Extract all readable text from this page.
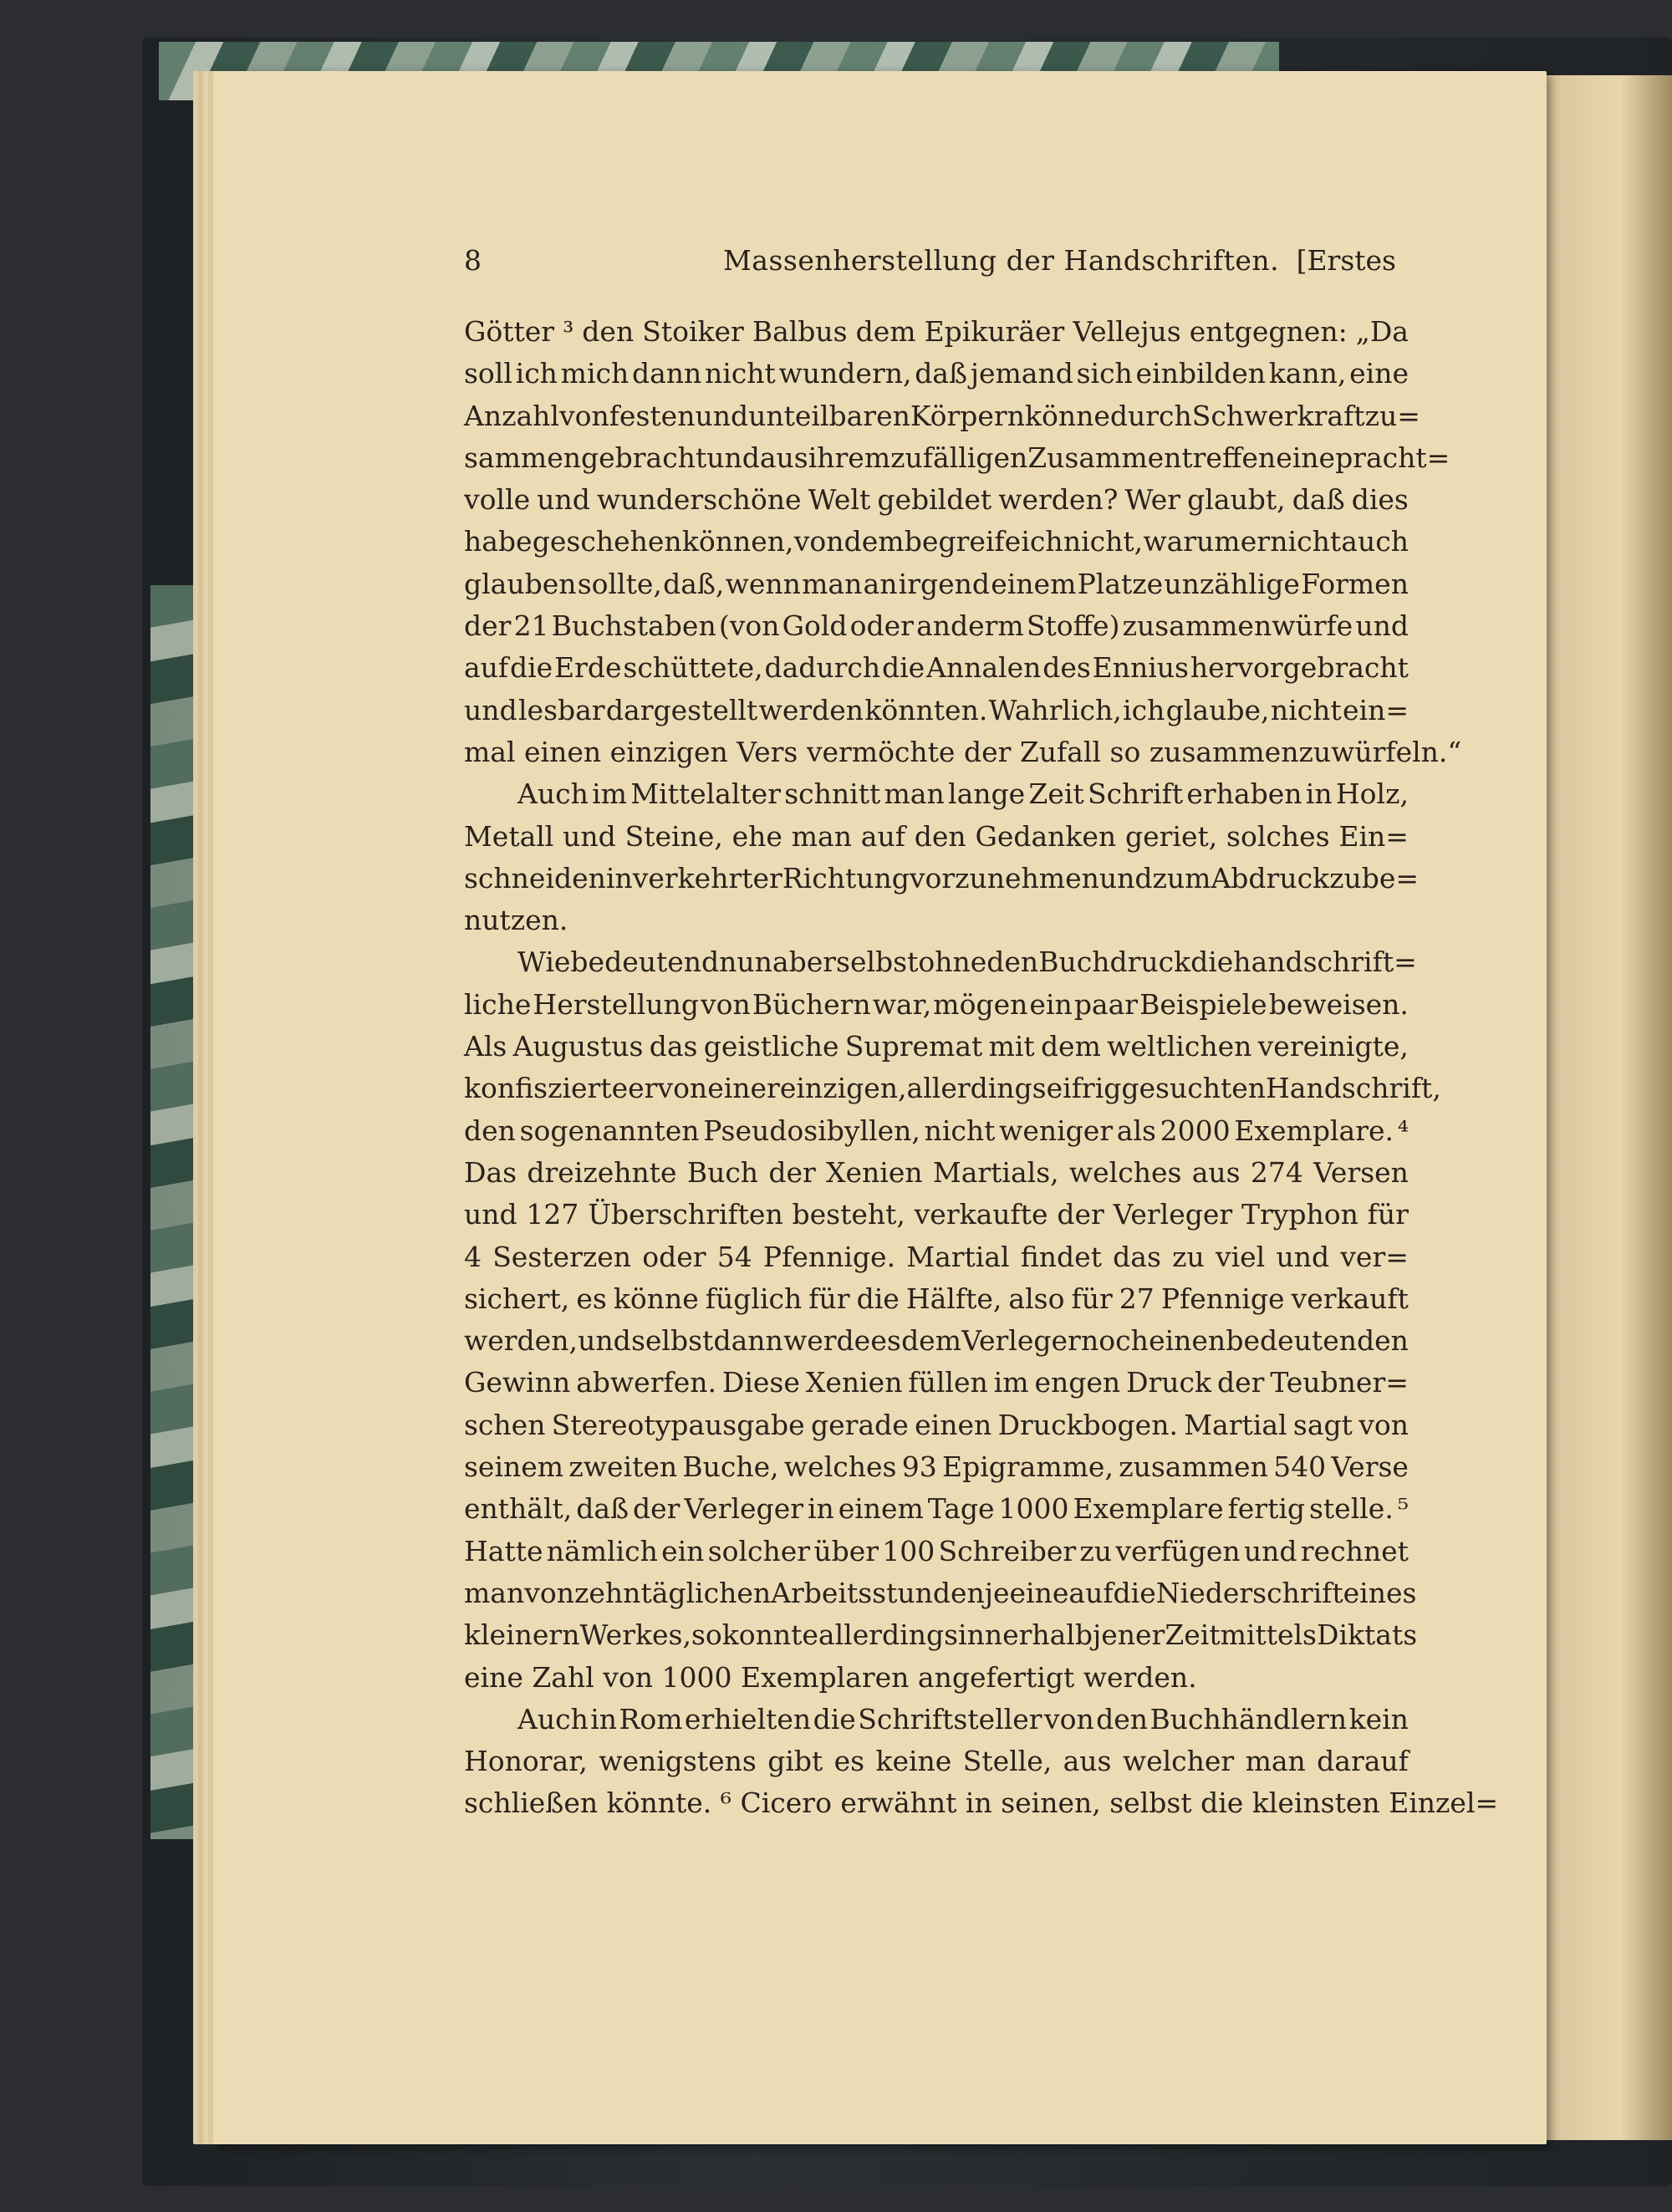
8	Massenherstellung der Handschriften. [Erstes
Götter ³ den Stoiker Balbus dem Epikuräer Vellejus entgegnen: „Da
soll ich mich dann nicht wundern, daß jemand sich einbilden kann, eine
Anzahl von festen und unteilbaren Körpern könne durch Schwerkraft zu=
sammengebracht und aus ihrem zufälligen Zusammentreffen eine pracht=
volle und wunderschöne Welt gebildet werden? Wer glaubt, daß dies
habe geschehen können, von dem begreife ich nicht, warum er nicht auch
glauben sollte, daß, wenn man an irgend einem Platze unzählige Formen
der 21 Buchstaben (von Gold oder anderm Stoffe) zusammenwürfe und
auf die Erde schüttete, dadurch die Annalen des Ennius hervorgebracht
und lesbar dargestellt werden könnten. Wahrlich, ich glaube, nicht ein=
mal einen einzigen Vers vermöchte der Zufall so zusammenzuwürfeln.“
Auch im Mittelalter schnitt man lange Zeit Schrift erhaben in Holz,
Metall und Steine, ehe man auf den Gedanken geriet, solches Ein=
schneiden in verkehrter Richtung vorzunehmen und zum Abdruck zu be=
nutzen.
Wie bedeutend nun aber selbst ohne den Buchdruck die handschrift=
liche Herstellung von Büchern war, mögen ein paar Beispiele beweisen.
Als Augustus das geistliche Supremat mit dem weltlichen vereinigte,
konfiszierte er von einer einzigen, allerdings eifrig gesuchten Handschrift,
den sogenannten Pseudosibyllen, nicht weniger als 2000 Exemplare. ⁴
Das dreizehnte Buch der Xenien Martials, welches aus 274 Versen
und 127 Überschriften besteht, verkaufte der Verleger Tryphon für
4 Sesterzen oder 54 Pfennige. Martial findet das zu viel und ver=
sichert, es könne füglich für die Hälfte, also für 27 Pfennige verkauft
werden, und selbst dann werde es dem Verleger noch einen bedeutenden
Gewinn abwerfen. Diese Xenien füllen im engen Druck der Teubner=
schen Stereotypausgabe gerade einen Druckbogen. Martial sagt von
seinem zweiten Buche, welches 93 Epigramme, zusammen 540 Verse
enthält, daß der Verleger in einem Tage 1000 Exemplare fertig stelle. ⁵
Hatte nämlich ein solcher über 100 Schreiber zu verfügen und rechnet
man von zehn täglichen Arbeitsstunden je eine auf die Niederschrift eines
kleinern Werkes, so konnte allerdings innerhalb jener Zeit mittels Diktats
eine Zahl von 1000 Exemplaren angefertigt werden.
Auch in Rom erhielten die Schriftsteller von den Buchhändlern kein
Honorar, wenigstens gibt es keine Stelle, aus welcher man darauf
schließen könnte. ⁶ Cicero erwähnt in seinen, selbst die kleinsten Einzel=
